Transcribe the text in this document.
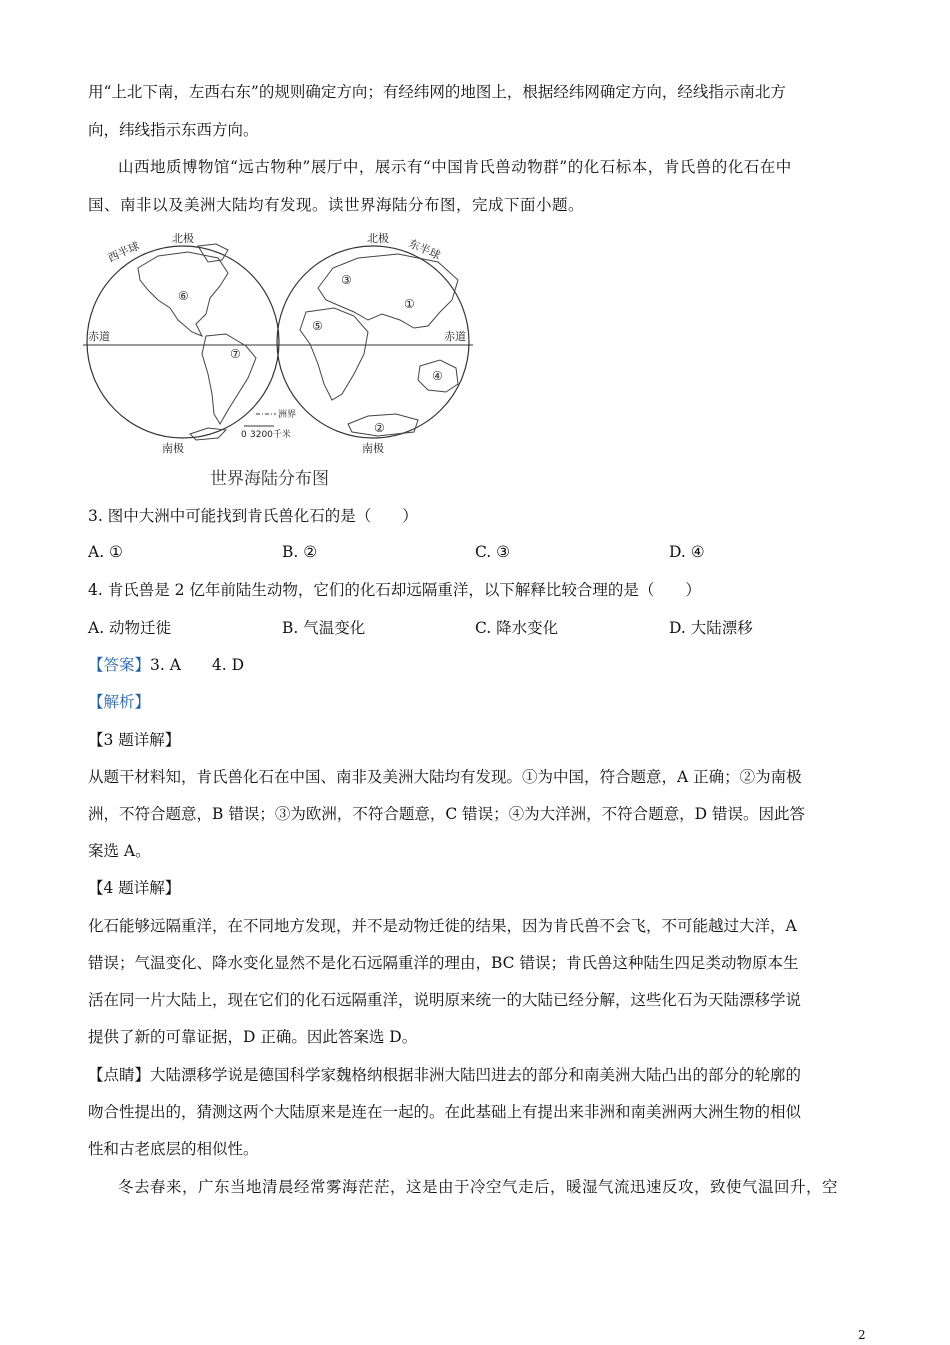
用“上北下南，左西右东”的规则确定方向；有经纬网的地图上，根据经纬网确定方向，经线指示南北方
向，纬线指示东西方向。
山西地质博物馆“远古物种”展厅中，展示有“中国肯氏兽动物群”的化石标本，肯氏兽的化石在中
国、南非以及美洲大陆均有发现。读世界海陆分布图，完成下面小题。
西半球	东半球
北极	北极
南极	南极
赤道	赤道
⑥
⑦
③
①
⑤
④
②
洲界
0 3200千米
世界海陆分布图
3. 图中大洲中可能找到肯氏兽化石的是（　　）
A. ①	B. ②	C. ③	D. ④
4. 肯氏兽是 2 亿年前陆生动物，它们的化石却远隔重洋，以下解释比较合理的是（　　）
A. 动物迁徙	B. 气温变化	C. 降水变化	D. 大陆漂移
【答案】3. A　　4. D
【解析】
【3 题详解】
从题干材料知，肯氏兽化石在中国、南非及美洲大陆均有发现。①为中国，符合题意，A 正确；②为南极
洲，不符合题意，B 错误；③为欧洲，不符合题意，C 错误；④为大洋洲，不符合题意，D 错误。因此答
案选 A。
【4 题详解】
化石能够远隔重洋，在不同地方发现，并不是动物迁徙的结果，因为肯氏兽不会飞，不可能越过大洋，A
错误；气温变化、降水变化显然不是化石远隔重洋的理由，BC 错误；肯氏兽这种陆生四足类动物原本生
活在同一片大陆上，现在它们的化石远隔重洋，说明原来统一的大陆已经分解，这些化石为天陆漂移学说
提供了新的可靠证据，D 正确。因此答案选 D。
【点睛】大陆漂移学说是德国科学家魏格纳根据非洲大陆凹进去的部分和南美洲大陆凸出的部分的轮廓的
吻合性提出的，猜测这两个大陆原来是连在一起的。在此基础上有提出来非洲和南美洲两大洲生物的相似
性和古老底层的相似性。
冬去春来，广东当地清晨经常雾海茫茫，这是由于冷空气走后，暖湿气流迅速反攻，致使气温回升，空
2
